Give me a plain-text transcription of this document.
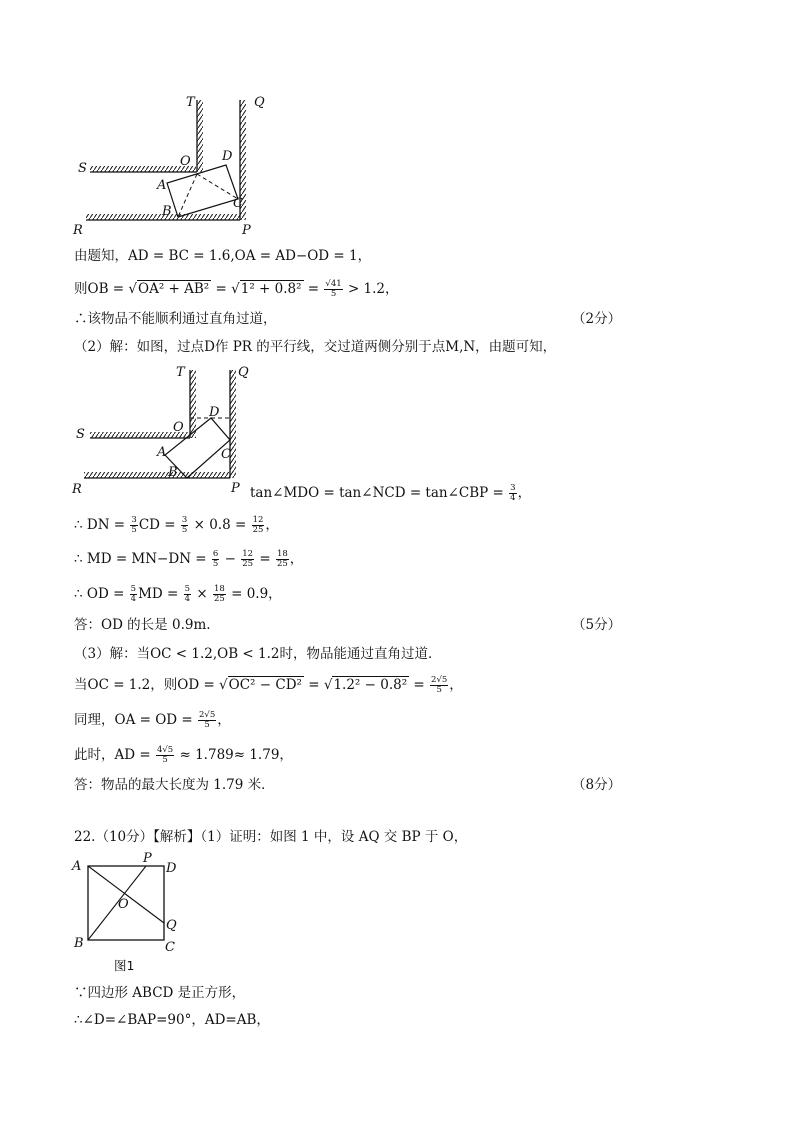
T	Q
S	O D
A
C
B
R	P
由题知，AD = BC = 1.6,OA = AD−OD = 1，
则OB = $√OA^2 + AB^2 = √1^2 + 0.8^2 = \frac{√41}{5} > 1.2$，
∴该物品不能顺利通过直角过道，	（2分）
（2）解：如图，过点D作 PR 的平行线，交过道两侧分别于点M,N，由题可知，
T	Q
S	O
D
A	C
B
R	P tan∠MDO = tan∠NCD = tan∠CBP = $\frac{3}{4}$ ，
∴ DN = $\frac{3}{5}$ CD = $\frac{3}{5} \times 0.8 = \frac{12}{25}$ ，
∴ MD = $MN-DN = \frac{6}{5} - \frac{12}{25} = \frac{18}{25}$ ，
∴ OD = $\frac{5}{4}$ MD = $\frac{5}{4} \times \frac{18}{25} = 0.9$，
答：OD 的长是 0.9m.	（5分）
（3）解：当OC < 1.2,OB < 1.2时，物品能通过直角过道．
当OC = 1.2，则OD = $√OC^2 - CD^2 = √1.2^2 - 0.8^2 = \frac{2√5}{5}$ ，
同理，OA = OD = $\frac{2√5}{5}$ ，
此时，AD = $\frac{4√5}{5} \approx 1.789\approx 1.79$，
答：物品的最大长度为 1.79 米．	（8分）
22.（10分）【解析】（1）证明：如图 1 中，设 AQ 交 BP 于 O，
A
P
D
O
Q
B	C
图1
∵四边形 ABCD 是正方形，
∴∠D=∠BAP=90°，AD=AB，
